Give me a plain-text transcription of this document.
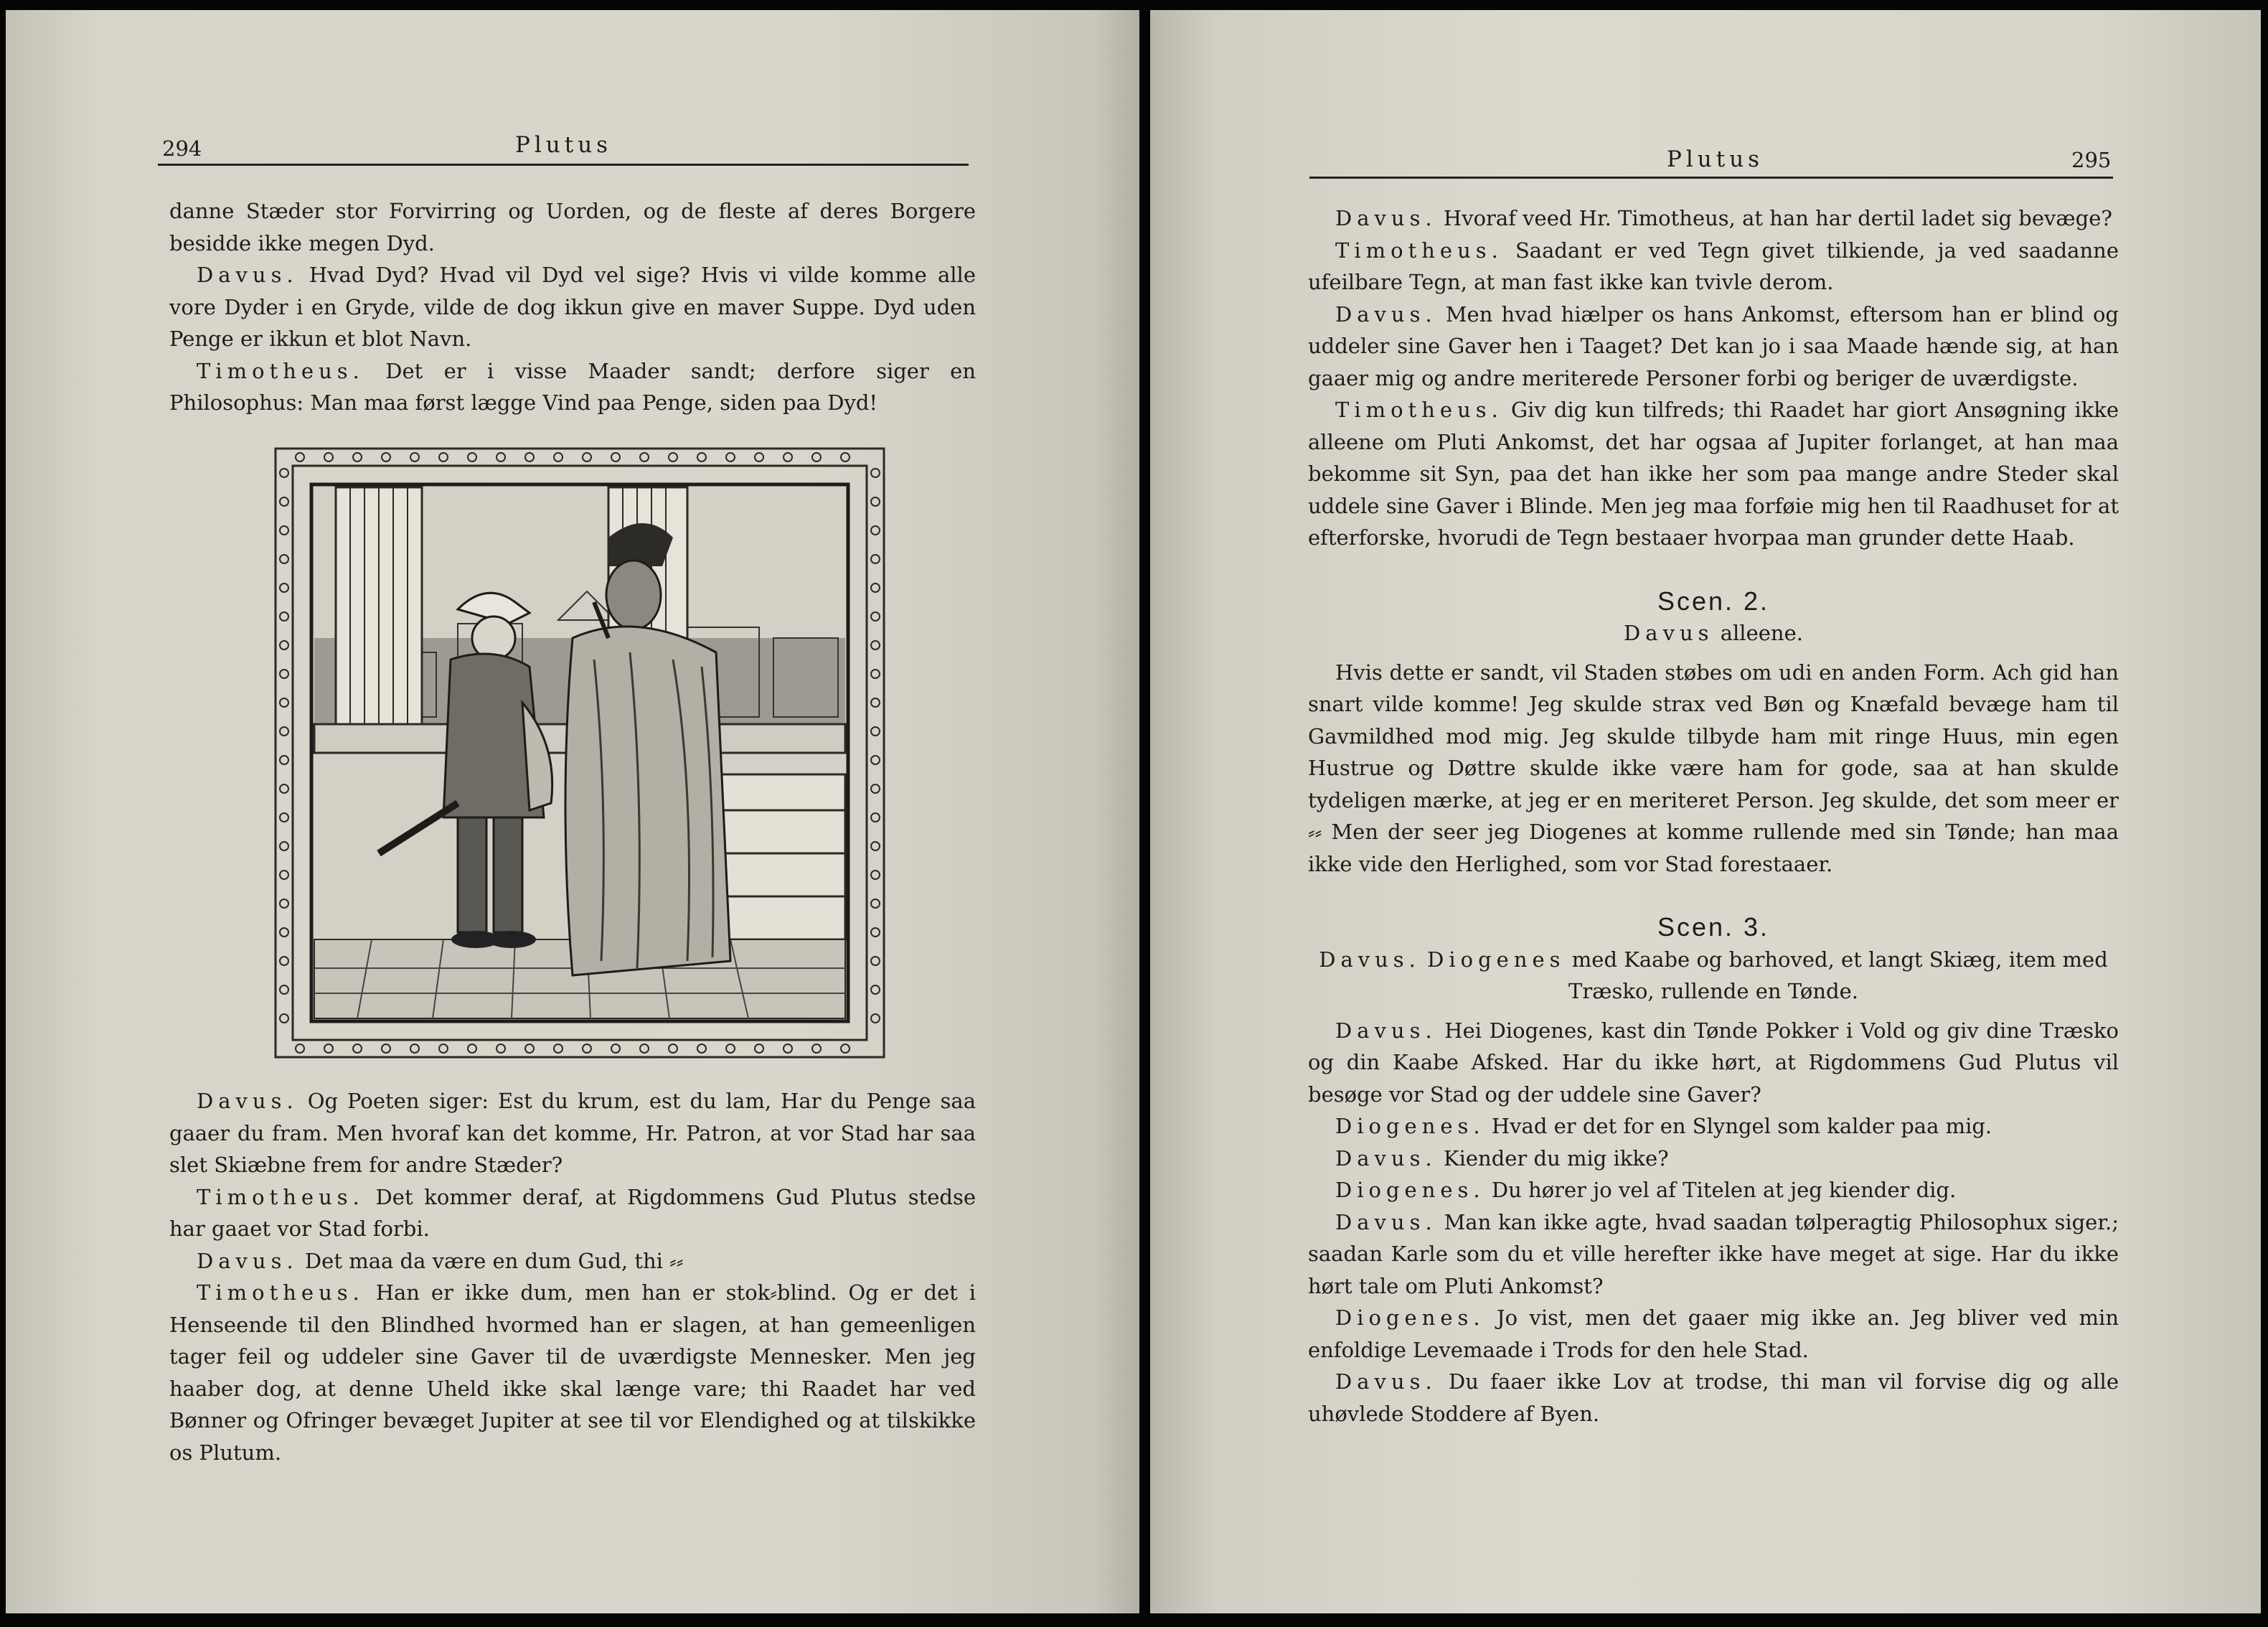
294	Plutus

danne Stæder stor Forvirring og Uorden, og de fleste af deres Borgere besidde ikke megen Dyd.

Davus. Hvad Dyd? Hvad vil Dyd vel sige? Hvis vi vilde komme alle vore Dyder i en Gryde, vilde de dog ikkun give en maver Suppe. Dyd uden Penge er ikkun et blot Navn.

Timotheus. Det er i visse Maader sandt; derfore siger en Philosophus: Man maa først lægge Vind paa Penge, siden paa Dyd!

Davus. Og Poeten siger: Est du krum, est du lam, Har du Penge saa gaaer du fram. Men hvoraf kan det komme, Hr. Patron, at vor Stad har saa slet Skiæbne frem for andre Stæder?

Timotheus. Det kommer deraf, at Rigdommens Gud Plutus stedse har gaaet vor Stad forbi.

Davus. Det maa da være en dum Gud, thi ⸗⸗

Timotheus. Han er ikke dum, men han er stok⸗blind. Og er det i Henseende til den Blindhed hvormed han er slagen, at han gemeenligen tager feil og uddeler sine Gaver til de uværdigste Mennesker. Men jeg haaber dog, at denne Uheld ikke skal længe vare; thi Raadet har ved Bønner og Ofringer bevæget Jupiter at see til vor Elendighed og at tilskikke os Plutum.

Plutus	295

Davus. Hvoraf veed Hr. Timotheus, at han har dertil ladet sig bevæge?

Timotheus. Saadant er ved Tegn givet tilkiende, ja ved saadanne ufeilbare Tegn, at man fast ikke kan tvivle derom.

Davus. Men hvad hiælper os hans Ankomst, eftersom han er blind og uddeler sine Gaver hen i Taaget? Det kan jo i saa Maade hænde sig, at han gaaer mig og andre meriterede Personer forbi og beriger de uværdigste.

Timotheus. Giv dig kun tilfreds; thi Raadet har giort Ansøgning ikke alleene om Pluti Ankomst, det har ogsaa af Jupiter forlanget, at han maa bekomme sit Syn, paa det han ikke her som paa mange andre Steder skal uddele sine Gaver i Blinde. Men jeg maa forføie mig hen til Raadhuset for at efterforske, hvorudi de Tegn bestaaer hvorpaa man grunder dette Haab.

Scen. 2.

Davus alleene.

Hvis dette er sandt, vil Staden støbes om udi en anden Form. Ach gid han snart vilde komme! Jeg skulde strax ved Bøn og Knæfald bevæge ham til Gavmildhed mod mig. Jeg skulde tilbyde ham mit ringe Huus, min egen Hustrue og Døttre skulde ikke være ham for gode, saa at han skulde tydeligen mærke, at jeg er en meriteret Person. Jeg skulde, det som meer er ⸗⸗ Men der seer jeg Diogenes at komme rullende med sin Tønde; han maa ikke vide den Herlighed, som vor Stad forestaaer.

Scen. 3.

Davus. Diogenes med Kaabe og barhoved, et langt Skiæg, item med Træsko, rullende en Tønde.

Davus. Hei Diogenes, kast din Tønde Pokker i Vold og giv dine Træsko og din Kaabe Afsked. Har du ikke hørt, at Rigdommens Gud Plutus vil besøge vor Stad og der uddele sine Gaver?

Diogenes. Hvad er det for en Slyngel som kalder paa mig.

Davus. Kiender du mig ikke?

Diogenes. Du hører jo vel af Titelen at jeg kiender dig.

Davus. Man kan ikke agte, hvad saadan tølperagtig Philosophux siger.; saadan Karle som du et ville herefter ikke have meget at sige. Har du ikke hørt tale om Pluti Ankomst?

Diogenes. Jo vist, men det gaaer mig ikke an. Jeg bliver ved min enfoldige Levemaade i Trods for den hele Stad.

Davus. Du faaer ikke Lov at trodse, thi man vil forvise dig og alle uhøvlede Stoddere af Byen.
